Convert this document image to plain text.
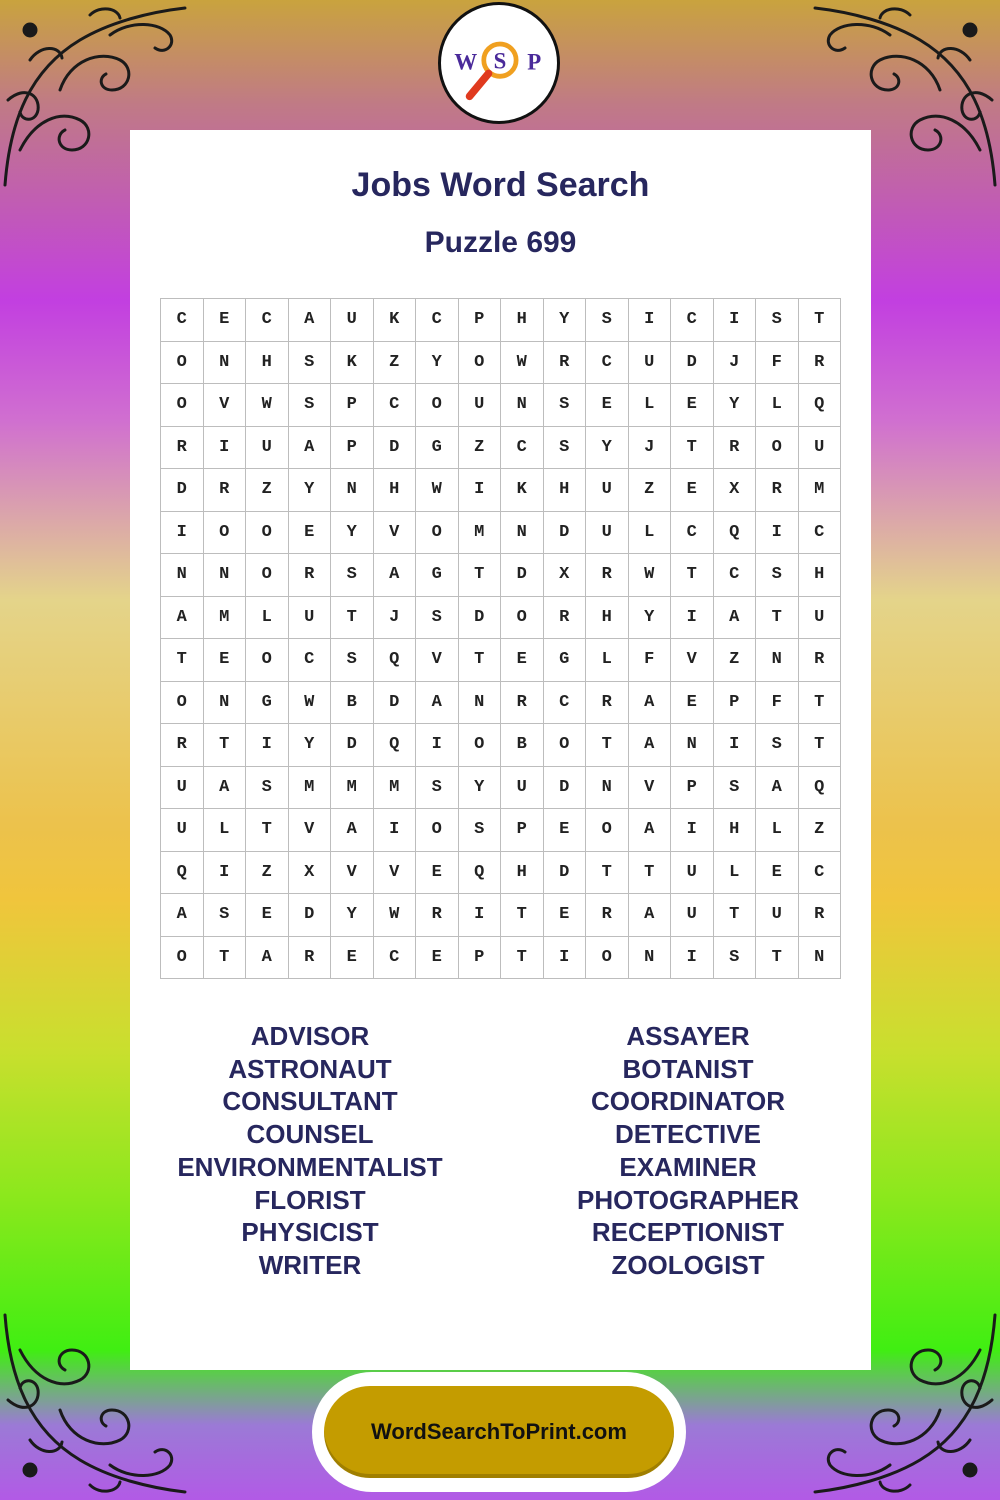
W S P
Jobs Word Search
Puzzle 699
C	E	C	A	U	K	C	P	H	Y	S	I	C	I	S	T
O	N	H	S	K	Z	Y	O	W	R	C	U	D	J	F	R
O	V	W	S	P	C	O	U	N	S	E	L	E	Y	L	Q
R	I	U	A	P	D	G	Z	C	S	Y	J	T	R	O	U
D	R	Z	Y	N	H	W	I	K	H	U	Z	E	X	R	M
I	O	O	E	Y	V	O	M	N	D	U	L	C	Q	I	C
N	N	O	R	S	A	G	T	D	X	R	W	T	C	S	H
A	M	L	U	T	J	S	D	O	R	H	Y	I	A	T	U
T	E	O	C	S	Q	V	T	E	G	L	F	V	Z	N	R
O	N	G	W	B	D	A	N	R	C	R	A	E	P	F	T
R	T	I	Y	D	Q	I	O	B	O	T	A	N	I	S	T
U	A	S	M	M	M	S	Y	U	D	N	V	P	S	A	Q
U	L	T	V	A	I	O	S	P	E	O	A	I	H	L	Z
Q	I	Z	X	V	V	E	Q	H	D	T	T	U	L	E	C
A	S	E	D	Y	W	R	I	T	E	R	A	U	T	U	R
O	T	A	R	E	C	E	P	T	I	O	N	I	S	T	N
ADVISOR
ASTRONAUT
CONSULTANT
COUNSEL
ENVIRONMENTALIST
FLORIST
PHYSICIST
WRITER
ASSAYER
BOTANIST
COORDINATOR
DETECTIVE
EXAMINER
PHOTOGRAPHER
RECEPTIONIST
ZOOLOGIST
WordSearchToPrint.com
